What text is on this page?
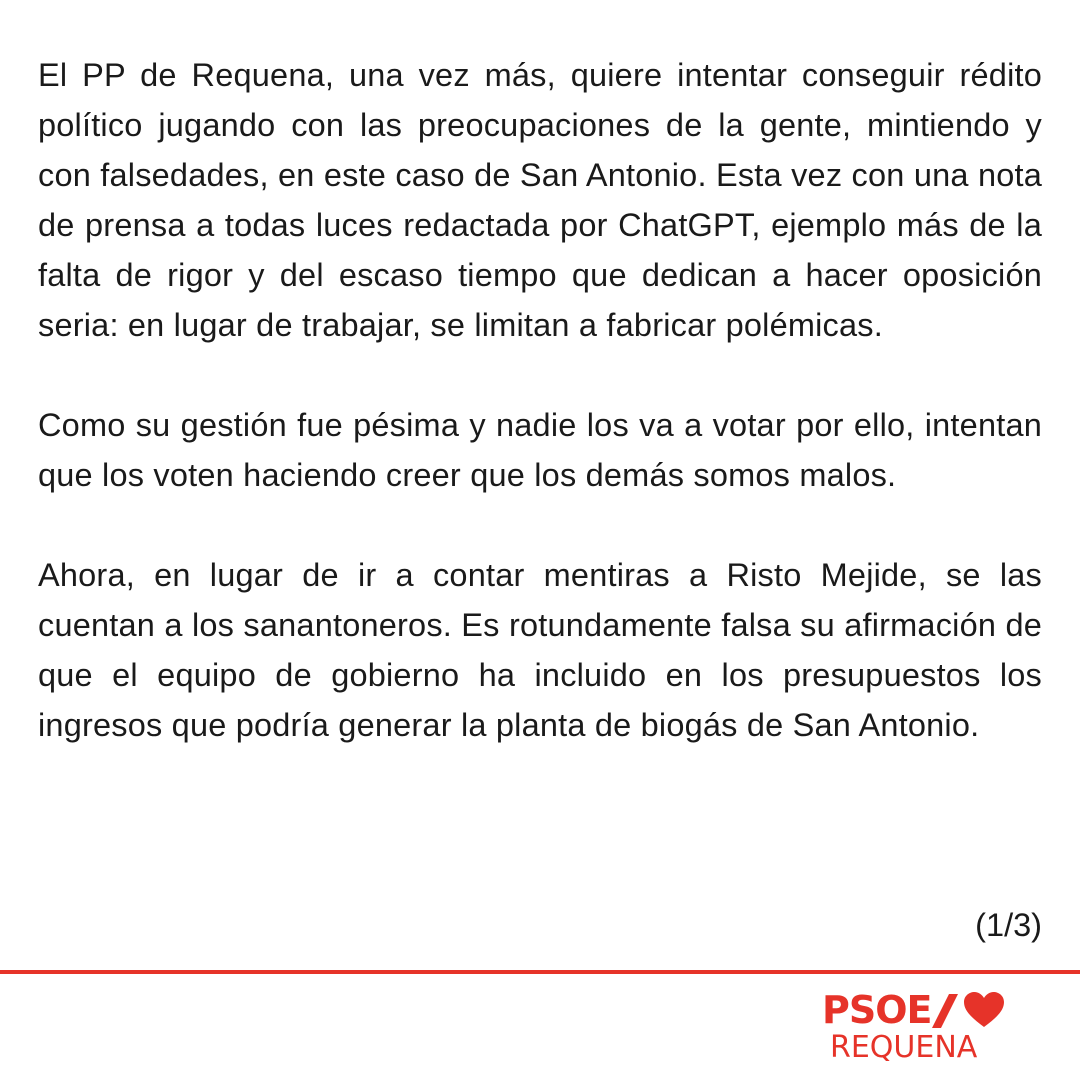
El PP de Requena, una vez más, quiere intentar conseguir rédito político jugando con las preocupaciones de la gente, mintiendo y con falsedades, en este caso de San Antonio. Esta vez con una nota de prensa a todas luces redactada por ChatGPT, ejemplo más de la falta de rigor y del escaso tiempo que dedican a hacer oposición seria: en lugar de trabajar, se limitan a fabricar polémicas.

Como su gestión fue pésima y nadie los va a votar por ello, intentan que los voten haciendo creer que los demás somos malos.

Ahora, en lugar de ir a contar mentiras a Risto Mejide, se las cuentan a los sanantoneros. Es rotundamente falsa su afirmación de que el equipo de gobierno ha incluido en los presupuestos los ingresos que podría generar la planta de biogás de San Antonio.

(1/3)
PSOE
REQUENA
